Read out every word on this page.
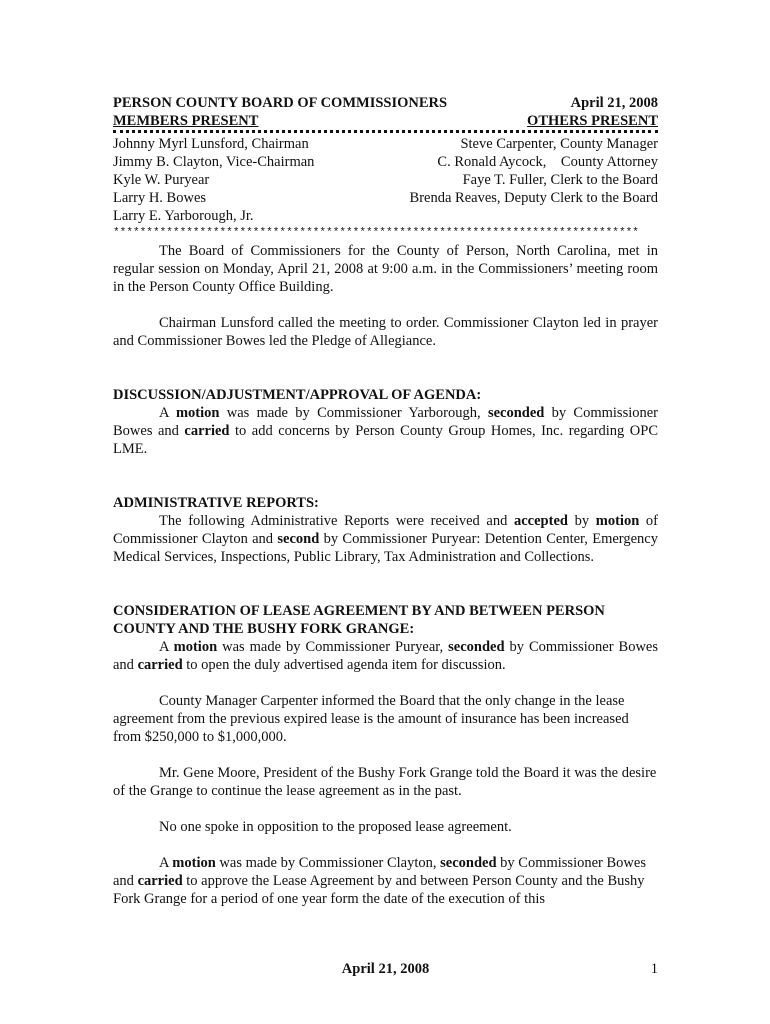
PERSON COUNTY BOARD OF COMMISSIONERS	April 21, 2008
MEMBERS PRESENT	OTHERS PRESENT
Johnny Myrl Lunsford, Chairman	Steve Carpenter, County Manager
Jimmy B. Clayton, Vice-Chairman	C. Ronald Aycock,    County Attorney
Kyle W. Puryear	Faye T. Fuller, Clerk to the Board
Larry H. Bowes	Brenda Reaves, Deputy Clerk to the Board
Larry E. Yarborough, Jr.
*******************************************************************************

The Board of Commissioners for the County of Person, North Carolina, met in regular session on Monday, April 21, 2008 at 9:00 a.m. in the Commissioners’ meeting room in the Person County Office Building.

Chairman Lunsford called the meeting to order. Commissioner Clayton led in prayer and Commissioner Bowes led the Pledge of Allegiance.

DISCUSSION/ADJUSTMENT/APPROVAL OF AGENDA:

A motion was made by Commissioner Yarborough, seconded by Commissioner Bowes and carried to add concerns by Person County Group Homes, Inc. regarding OPC LME.

ADMINISTRATIVE REPORTS:

The following Administrative Reports were received and accepted by motion of Commissioner Clayton and second by Commissioner Puryear: Detention Center, Emergency Medical Services, Inspections, Public Library, Tax Administration and Collections.

CONSIDERATION OF LEASE AGREEMENT BY AND BETWEEN PERSON COUNTY AND THE BUSHY FORK GRANGE:

A motion was made by Commissioner Puryear, seconded by Commissioner Bowes and carried to open the duly advertised agenda item for discussion.

County Manager Carpenter informed the Board that the only change in the lease agreement from the previous expired lease is the amount of insurance has been increased from $250,000 to $1,000,000.

Mr. Gene Moore, President of the Bushy Fork Grange told the Board it was the desire of the Grange to continue the lease agreement as in the past.

No one spoke in opposition to the proposed lease agreement.

A motion was made by Commissioner Clayton, seconded by Commissioner Bowes and carried to approve the Lease Agreement by and between Person County and the Bushy Fork Grange for a period of one year form the date of the execution of this

April 21, 2008	1
